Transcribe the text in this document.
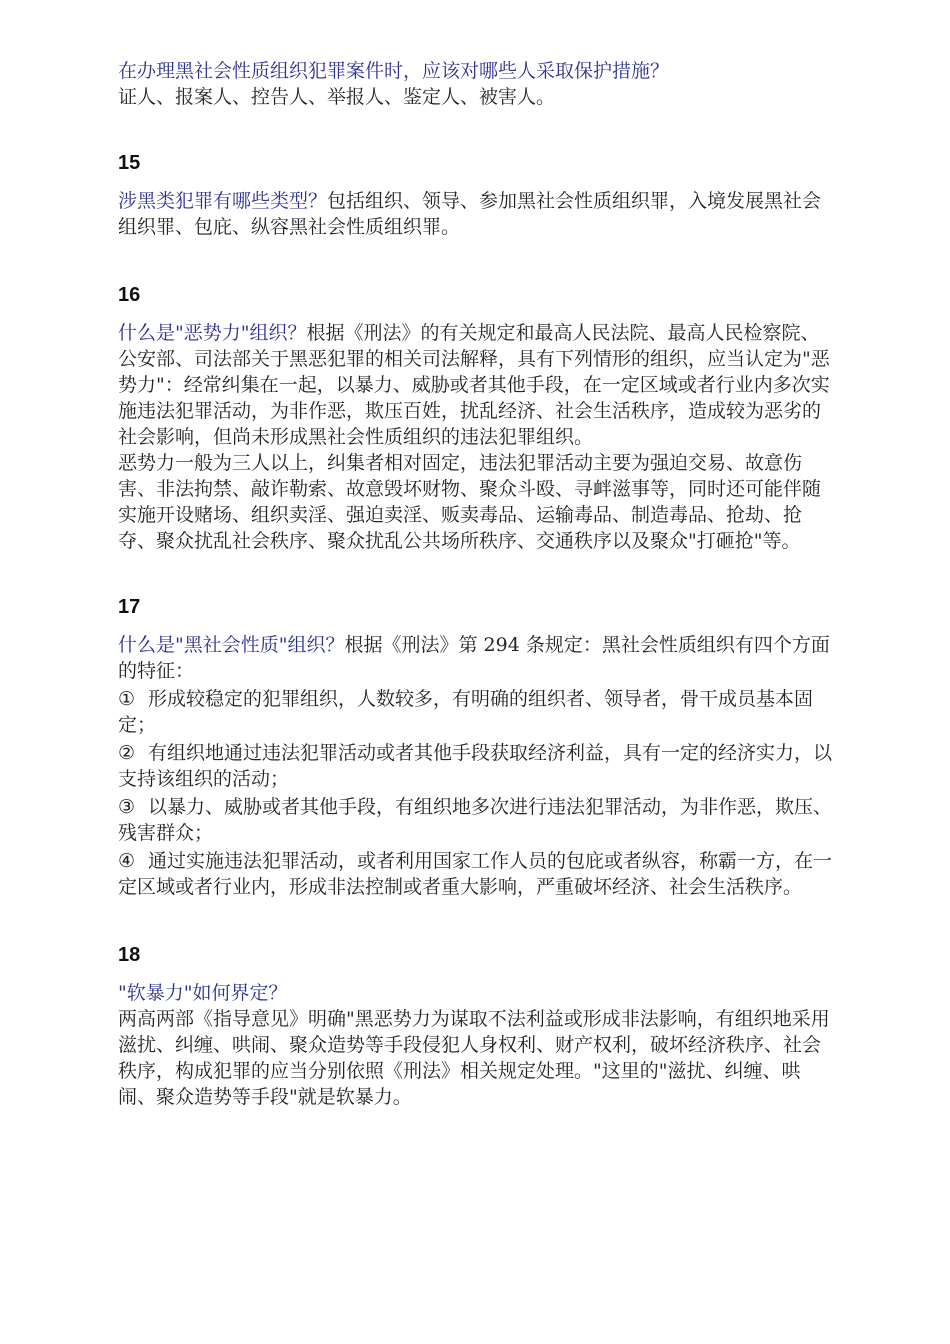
在办理黑社会性质组织犯罪案件时，应该对哪些人采取保护措施？

证人、报案人、控告人、举报人、鉴定人、被害人。

15

涉黑类犯罪有哪些类型？包括组织、领导、参加黑社会性质组织罪，入境发展黑社会组织罪、包庇、纵容黑社会性质组织罪。

16

什么是"恶势力"组织？根据《刑法》的有关规定和最高人民法院、最高人民检察院、公安部、司法部关于黑恶犯罪的相关司法解释，具有下列情形的组织，应当认定为"恶势力"：经常纠集在一起，以暴力、威胁或者其他手段，在一定区域或者行业内多次实施违法犯罪活动，为非作恶，欺压百姓，扰乱经济、社会生活秩序，造成较为恶劣的社会影响，但尚未形成黑社会性质组织的违法犯罪组织。

恶势力一般为三人以上，纠集者相对固定，违法犯罪活动主要为强迫交易、故意伤害、非法拘禁、敲诈勒索、故意毁坏财物、聚众斗殴、寻衅滋事等，同时还可能伴随实施开设赌场、组织卖淫、强迫卖淫、贩卖毒品、运输毒品、制造毒品、抢劫、抢夺、聚众扰乱社会秩序、聚众扰乱公共场所秩序、交通秩序以及聚众"打砸抢"等。

17

什么是"黑社会性质"组织？根据《刑法》第 294 条规定：黑社会性质组织有四个方面的特征：

① 形成较稳定的犯罪组织，人数较多，有明确的组织者、领导者，骨干成员基本固定；

② 有组织地通过违法犯罪活动或者其他手段获取经济利益，具有一定的经济实力，以支持该组织的活动；

③ 以暴力、威胁或者其他手段，有组织地多次进行违法犯罪活动，为非作恶，欺压、残害群众；

④ 通过实施违法犯罪活动，或者利用国家工作人员的包庇或者纵容，称霸一方，在一定区域或者行业内，形成非法控制或者重大影响，严重破坏经济、社会生活秩序。

18

"软暴力"如何界定？

两高两部《指导意见》明确"黑恶势力为谋取不法利益或形成非法影响，有组织地采用滋扰、纠缠、哄闹、聚众造势等手段侵犯人身权利、财产权利，破坏经济秩序、社会秩序，构成犯罪的应当分别依照《刑法》相关规定处理。"这里的"滋扰、纠缠、哄闹、聚众造势等手段"就是软暴力。
